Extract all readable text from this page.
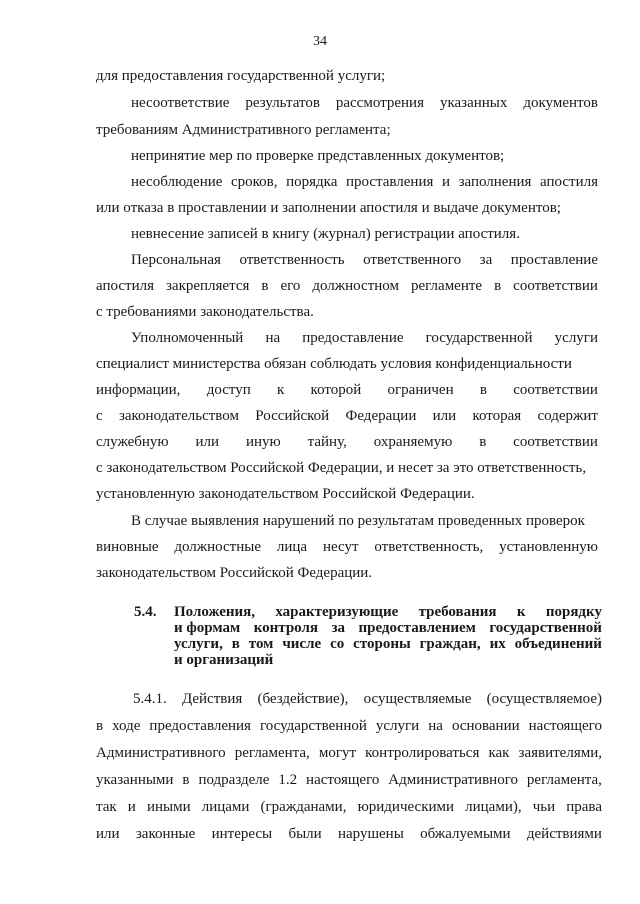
34
для предоставления государственной услуги;
несоответствие результатов рассмотрения указанных документов
требованиям Административного регламента;
непринятие мер по проверке представленных документов;
несоблюдение сроков, порядка проставления и заполнения апостиля
или отказа в проставлении и заполнении апостиля и выдаче документов;
невнесение записей в книгу (журнал) регистрации апостиля.
Персональная ответственность ответственного за проставление
апостиля закрепляется в его должностном регламенте в соответствии
с требованиями законодательства.
Уполномоченный на предоставление государственной услуги
специалист министерства обязан соблюдать условия конфиденциальности
информации, доступ к которой ограничен в соответствии
с законодательством Российской Федерации или которая содержит
служебную или иную тайну, охраняемую в соответствии
с законодательством Российской Федерации, и несет за это ответственность,
установленную законодательством Российской Федерации.
В случае выявления нарушений по результатам проведенных проверок
виновные должностные лица несут ответственность, установленную
законодательством Российской Федерации.
5.4. Положения, характеризующие требования к порядку
и формам контроля за предоставлением государственной
услуги, в том числе со стороны граждан, их объединений
и организаций
5.4.1. Действия (бездействие), осуществляемые (осуществляемое)
в ходе предоставления государственной услуги на основании настоящего
Административного регламента, могут контролироваться как заявителями,
указанными в подразделе 1.2 настоящего Административного регламента,
так и иными лицами (гражданами, юридическими лицами), чьи права
или законные интересы были нарушены обжалуемыми действиями
